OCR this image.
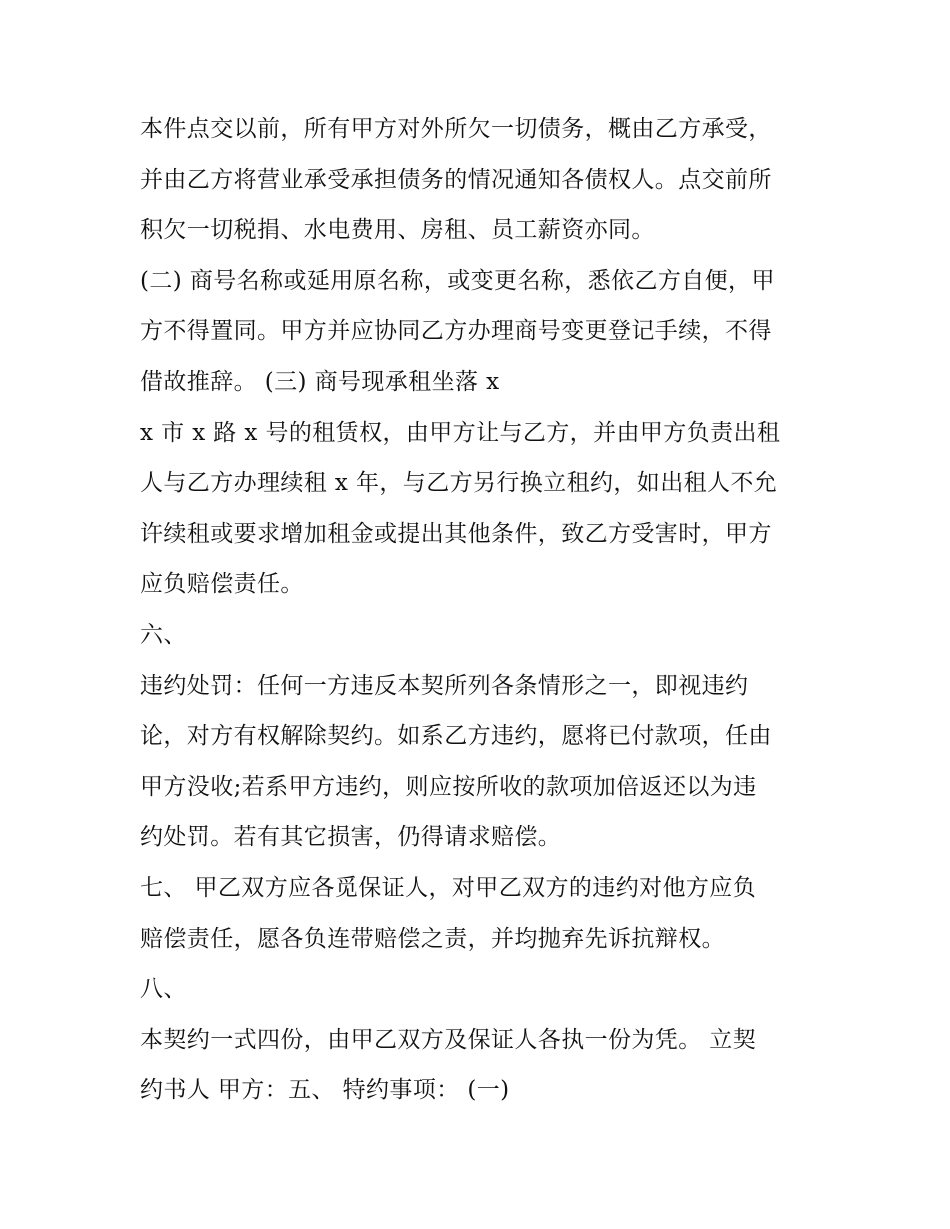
本件点交以前，所有甲方对外所欠一切债务，概由乙方承受，
并由乙方将营业承受承担债务的情况通知各债权人。点交前所
积欠一切税捐、水电费用、房租、员工薪资亦同。
(二) 商号名称或延用原名称，或变更名称，悉依乙方自便，甲
方不得置同。甲方并应协同乙方办理商号变更登记手续，不得
借故推辞。 (三) 商号现承租坐落 x
x 市 x 路 x 号的租赁权，由甲方让与乙方，并由甲方负责出租
人与乙方办理续租 x 年，与乙方另行换立租约，如出租人不允
许续租或要求增加租金或提出其他条件，致乙方受害时，甲方
应负赔偿责任。
六、
违约处罚：任何一方违反本契所列各条情形之一，即视违约
论，对方有权解除契约。如系乙方违约，愿将已付款项，任由
甲方没收;若系甲方违约，则应按所收的款项加倍返还以为违
约处罚。若有其它损害，仍得请求赔偿。
七、 甲乙双方应各觅保证人，对甲乙双方的违约对他方应负
赔偿责任，愿各负连带赔偿之责，并均抛弃先诉抗辩权。
八、
本契约一式四份，由甲乙双方及保证人各执一份为凭。 立契
约书人 甲方：五、 特约事项： (一)
